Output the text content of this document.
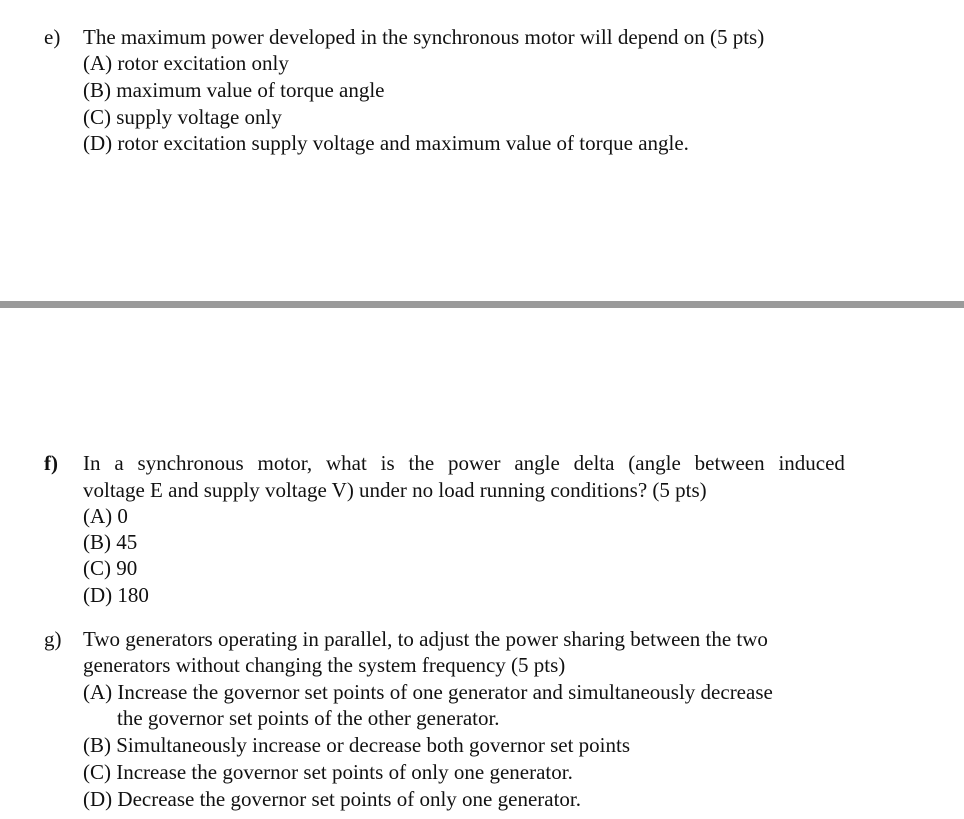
e) The maximum power developed in the synchronous motor will depend on (5 pts)
(A) rotor excitation only
(B) maximum value of torque angle
(C) supply voltage only
(D) rotor excitation supply voltage and maximum value of torque angle.
f) In a synchronous motor, what is the power angle delta (angle between induced
voltage E and supply voltage V) under no load running conditions? (5 pts)
(A) 0
(B) 45
(C) 90
(D) 180
g) Two generators operating in parallel, to adjust the power sharing between the two
generators without changing the system frequency (5 pts)
(A) Increase the governor set points of one generator and simultaneously decrease
the governor set points of the other generator.
(B) Simultaneously increase or decrease both governor set points
(C) Increase the governor set points of only one generator.
(D) Decrease the governor set points of only one generator.
